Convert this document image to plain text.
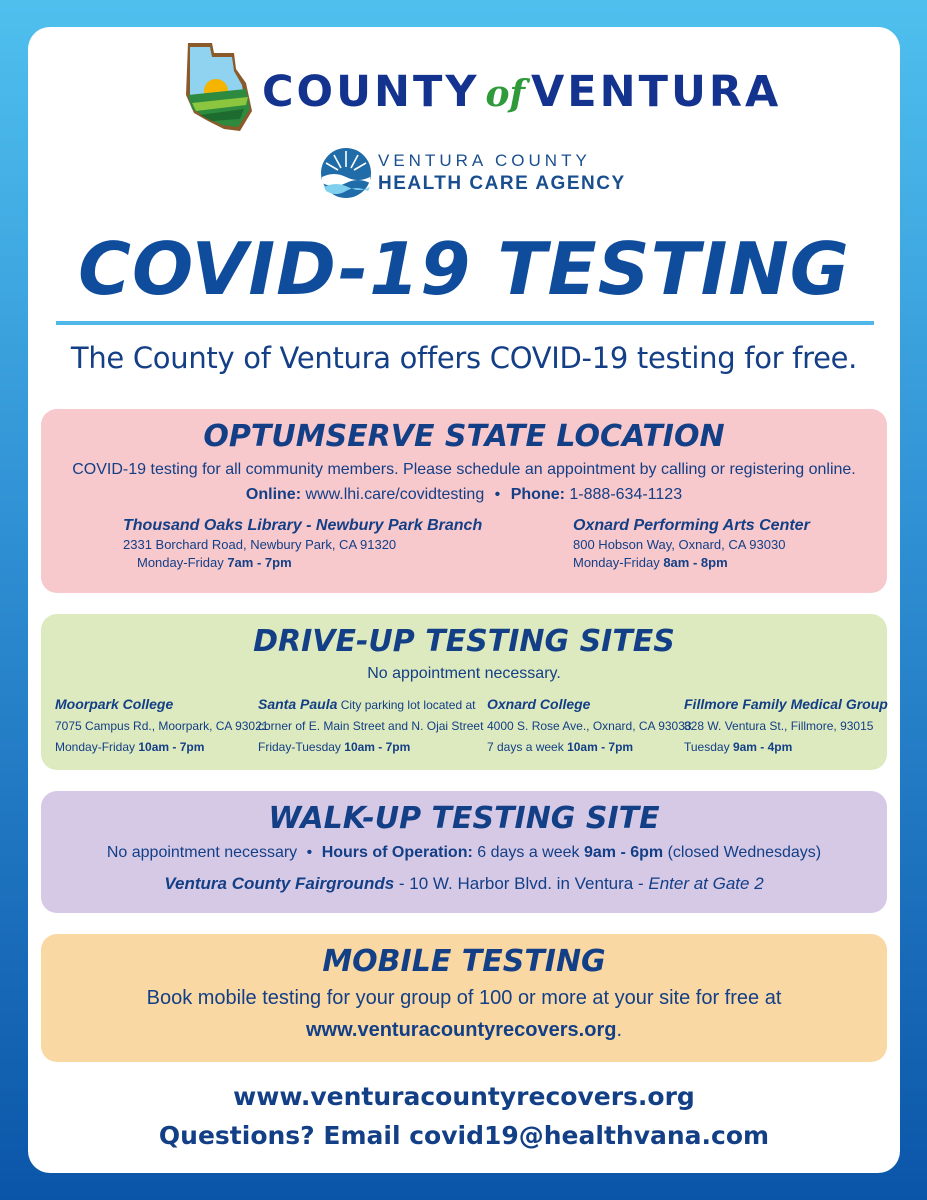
COUNTY of VENTURA
VENTURA COUNTY
HEALTH CARE AGENCY
COVID-19 TESTING
The County of Ventura offers COVID-19 testing for free.
OPTUMSERVE STATE LOCATION
COVID-19 testing for all community members. Please schedule an appointment by calling or registering online.
Online: www.lhi.care/covidtesting • Phone: 1-888-634-1123
Thousand Oaks Library - Newbury Park Branch
2331 Borchard Road, Newbury Park, CA 91320
Monday-Friday 7am - 7pm
Oxnard Performing Arts Center
800 Hobson Way, Oxnard, CA 93030
Monday-Friday 8am - 8pm
DRIVE-UP TESTING SITES
No appointment necessary.
Moorpark College
7075 Campus Rd., Moorpark, CA 93021
Monday-Friday 10am - 7pm
Santa Paula City parking lot located at
corner of E. Main Street and N. Ojai Street
Friday-Tuesday 10am - 7pm
Oxnard College
4000 S. Rose Ave., Oxnard, CA 93033
7 days a week 10am - 7pm
Fillmore Family Medical Group
828 W. Ventura St., Fillmore, 93015
Tuesday 9am - 4pm
WALK-UP TESTING SITE
No appointment necessary • Hours of Operation: 6 days a week 9am - 6pm (closed Wednesdays)
Ventura County Fairgrounds - 10 W. Harbor Blvd. in Ventura - Enter at Gate 2
MOBILE TESTING
Book mobile testing for your group of 100 or more at your site for free at
www.venturacountyrecovers.org.
www.venturacountyrecovers.org
Questions? Email covid19@healthvana.com
